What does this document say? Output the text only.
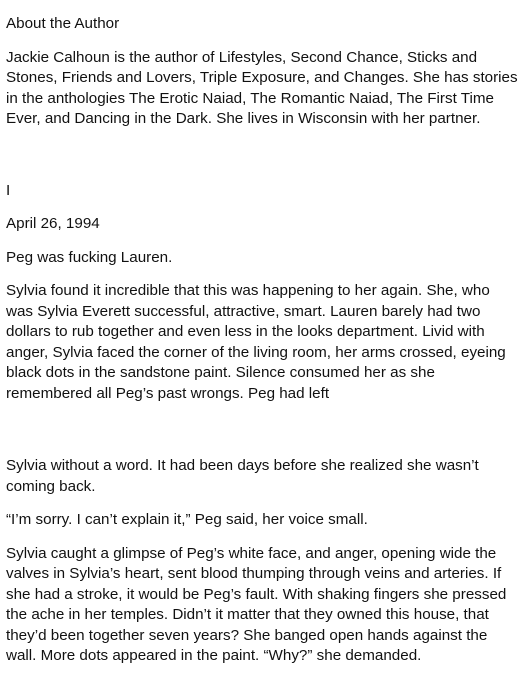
About the Author

Jackie Calhoun is the author of Lifestyles, Second Chance, Sticks and Stones, Friends and Lovers, Triple Exposure, and Changes. She has stories in the anthologies The Erotic Naiad, The Romantic Naiad, The First Time Ever, and Dancing in the Dark. She lives in Wisconsin with her partner.

I

April 26, 1994

Peg was fucking Lauren.

Sylvia found it incredible that this was happening to her again. She, who was Sylvia Everett successful, attractive, smart. Lauren barely had two dollars to rub together and even less in the looks department. Livid with anger, Sylvia faced the corner of the living room, her arms crossed, eyeing black dots in the sandstone paint. Silence consumed her as she remembered all Peg’s past wrongs. Peg had left

Sylvia without a word. It had been days before she realized she wasn’t coming back.

“I’m sorry. I can’t explain it,” Peg said, her voice small.

Sylvia caught a glimpse of Peg’s white face, and anger, opening wide the valves in Sylvia’s heart, sent blood thumping through veins and arteries. If she had a stroke, it would be Peg’s fault. With shaking fingers she pressed the ache in her temples. Didn’t it matter that they owned this house, that they’d been together seven years? She banged open hands against the wall. More dots appeared in the paint. “Why?” she demanded.
